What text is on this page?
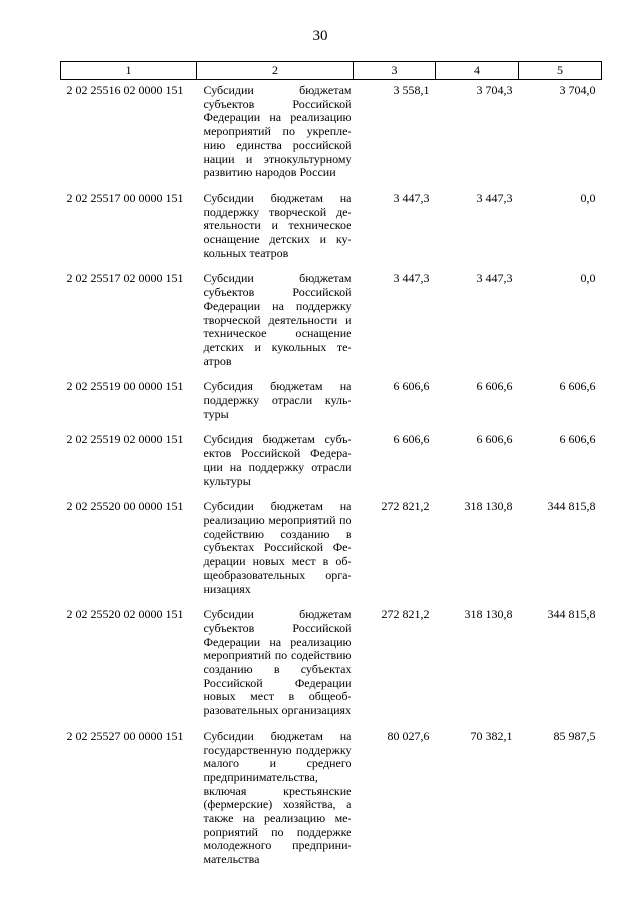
30
1	2	3	4	5
2 02 25516 02 0000 151	Субсидии бюджетам субъектов Российской Федерации на реализацию мероприятий по укреплению единства российской нации и этнокультурному развитию народов России	3 558,1	3 704,3	3 704,0
2 02 25517 00 0000 151	Субсидии бюджетам на поддержку творческой деятельности и техническое оснащение детских и кукольных театров	3 447,3	3 447,3	0,0
2 02 25517 02 0000 151	Субсидии бюджетам субъектов Российской Федерации на поддержку творческой деятельности и техническое оснащение детских и кукольных театров	3 447,3	3 447,3	0,0
2 02 25519 00 0000 151	Субсидия бюджетам на поддержку отрасли культуры	6 606,6	6 606,6	6 606,6
2 02 25519 02 0000 151	Субсидия бюджетам субъектов Российской Федерации на поддержку отрасли культуры	6 606,6	6 606,6	6 606,6
2 02 25520 00 0000 151	Субсидии бюджетам на реализацию мероприятий по содействию созданию в субъектах Российской Федерации новых мест в общеобразовательных организациях	272 821,2	318 130,8	344 815,8
2 02 25520 02 0000 151	Субсидии бюджетам субъектов Российской Федерации на реализацию мероприятий по содействию созданию в субъектах Российской Федерации новых мест в общеобразовательных организациях	272 821,2	318 130,8	344 815,8
2 02 25527 00 0000 151	Субсидии бюджетам на государственную поддержку малого и среднего предпринимательства, включая крестьянские (фермерские) хозяйства, а также на реализацию мероприятий по поддержке молодежного предпринимательства	80 027,6	70 382,1	85 987,5
